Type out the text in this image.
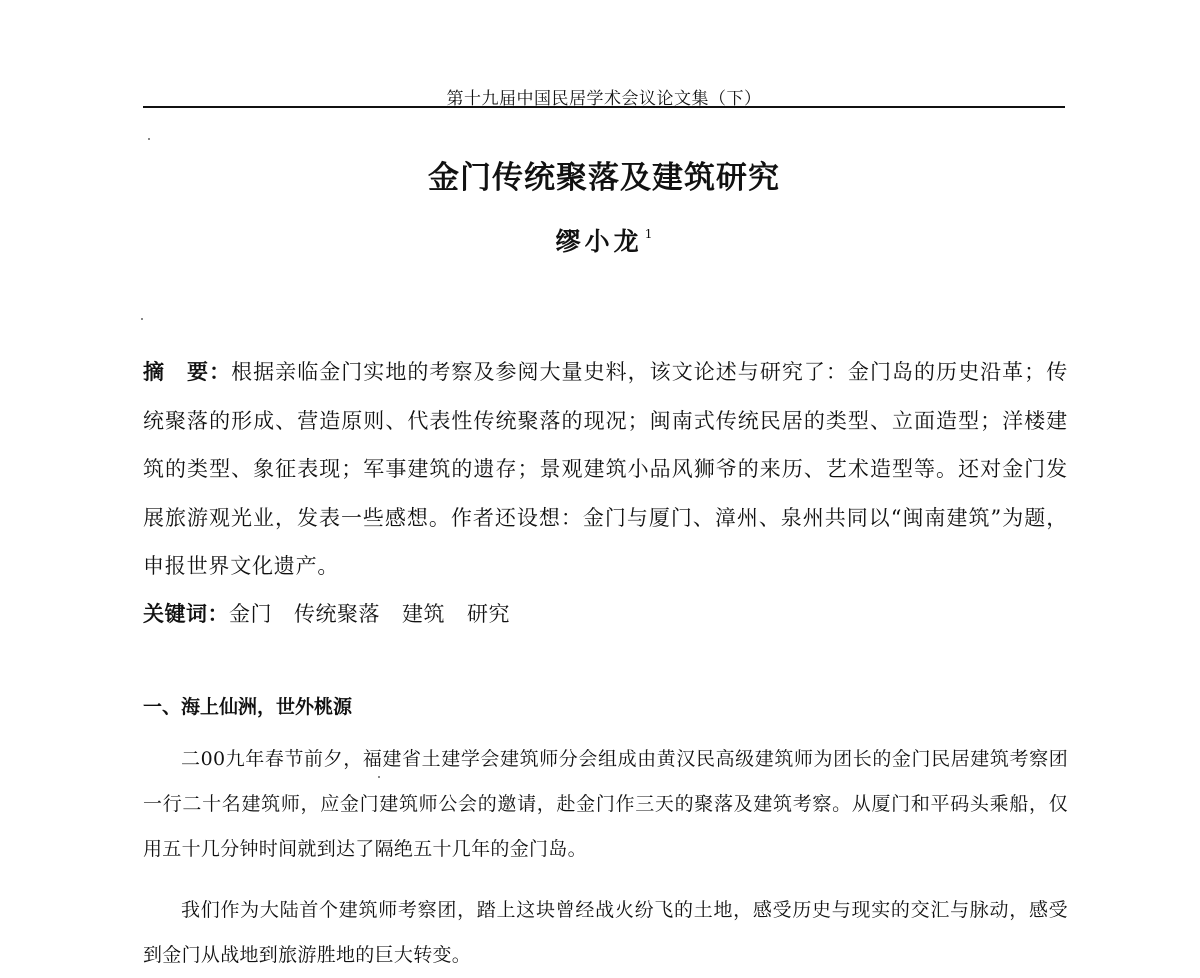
第十九届中国民居学术会议论文集（下）
金门传统聚落及建筑研究
缪小龙 $^1$
摘　要：根据亲临金门实地的考察及参阅大量史料，该文论述与研究了：金门岛的历史沿革；传统聚落的形成、营造原则、代表性传统聚落的现况；闽南式传统民居的类型、立面造型；洋楼建筑的类型、象征表现；军事建筑的遗存；景观建筑小品风狮爷的来历、艺术造型等。还对金门发展旅游观光业，发表一些感想。作者还设想：金门与厦门、漳州、泉州共同以“闽南建筑”为题，申报世界文化遗产。
关键词：金门 传统聚落 建筑 研究
一、海上仙洲，世外桃源
二00九年春节前夕，福建省土建学会建筑师分会组成由黄汉民高级建筑师为团长的金门民居建筑考察团一行二十名建筑师，应金门建筑师公会的邀请，赴金门作三天的聚落及建筑考察。从厦门和平码头乘船，仅用五十几分钟时间就到达了隔绝五十几年的金门岛。
我们作为大陆首个建筑师考察团，踏上这块曾经战火纷飞的土地，感受历史与现实的交汇与脉动，感受到金门从战地到旅游胜地的巨大转变。
